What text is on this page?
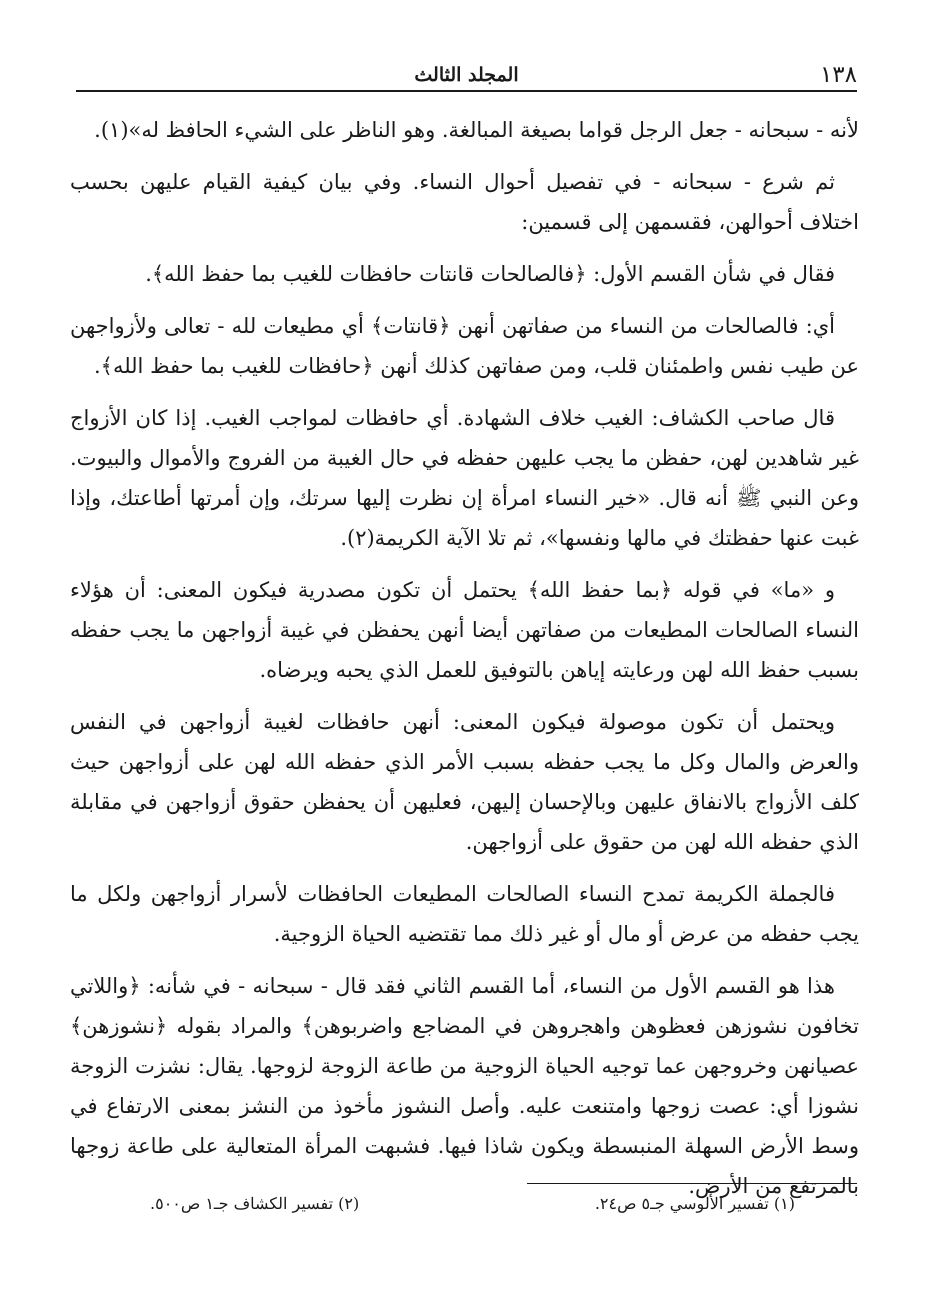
١٣٨
المجلد الثالث

لأنه - سبحانه - جعل الرجل قواما بصيغة المبالغة. وهو الناظر على الشيء الحافظ له»(١).

ثم شرع - سبحانه - في تفصيل أحوال النساء. وفي بيان كيفية القيام عليهن بحسب اختلاف أحوالهن، فقسمهن إلى قسمين:

فقال في شأن القسم الأول: ﴿فالصالحات قانتات حافظات للغيب بما حفظ الله﴾.

أي: فالصالحات من النساء من صفاتهن أنهن ﴿قانتات﴾ أي مطيعات لله - تعالى ولأزواجهن عن طيب نفس واطمئنان قلب، ومن صفاتهن كذلك أنهن ﴿حافظات للغيب بما حفظ الله﴾.

قال صاحب الكشاف: الغيب خلاف الشهادة. أي حافظات لمواجب الغيب. إذا كان الأزواج غير شاهدين لهن، حفظن ما يجب عليهن حفظه في حال الغيبة من الفروج والأموال والبيوت. وعن النبي ﷺ أنه قال. «خير النساء امرأة إن نظرت إليها سرتك، وإن أمرتها أطاعتك، وإذا غبت عنها حفظتك في مالها ونفسها»، ثم تلا الآية الكريمة(٢).

و «ما» في قوله ﴿بما حفظ الله﴾ يحتمل أن تكون مصدرية فيكون المعنى: أن هؤلاء النساء الصالحات المطيعات من صفاتهن أيضا أنهن يحفظن في غيبة أزواجهن ما يجب حفظه بسبب حفظ الله لهن ورعايته إياهن بالتوفيق للعمل الذي يحبه ويرضاه.

ويحتمل أن تكون موصولة فيكون المعنى: أنهن حافظات لغيبة أزواجهن في النفس والعرض والمال وكل ما يجب حفظه بسبب الأمر الذي حفظه الله لهن على أزواجهن حيث كلف الأزواج بالانفاق عليهن وبالإحسان إليهن، فعليهن أن يحفظن حقوق أزواجهن في مقابلة الذي حفظه الله لهن من حقوق على أزواجهن.

فالجملة الكريمة تمدح النساء الصالحات المطيعات الحافظات لأسرار أزواجهن ولكل ما يجب حفظه من عرض أو مال أو غير ذلك مما تقتضيه الحياة الزوجية.

هذا هو القسم الأول من النساء، أما القسم الثاني فقد قال - سبحانه - في شأنه: ﴿واللاتي تخافون نشوزهن فعظوهن واهجروهن في المضاجع واضربوهن﴾ والمراد بقوله ﴿نشوزهن﴾ عصيانهن وخروجهن عما توجيه الحياة الزوجية من طاعة الزوجة لزوجها. يقال: نشزت الزوجة نشوزا أي: عصت زوجها وامتنعت عليه. وأصل النشوز مأخوذ من النشز بمعنى الارتفاع في وسط الأرض السهلة المنبسطة ويكون شاذا فيها. فشبهت المرأة المتعالية على طاعة زوجها بالمرتفع من الأرض.

(١) تفسير الألوسي جـ٥ ص٢٤.
(٢) تفسير الكشاف جـ١ ص٥٠٠.
